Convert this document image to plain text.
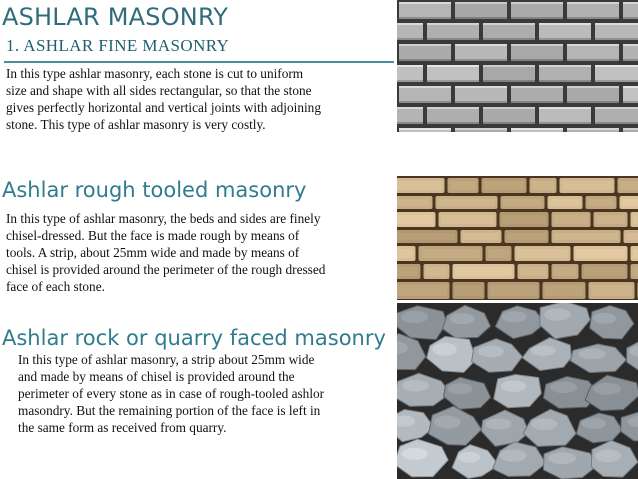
ASHLAR MASONRY
1. ASHLAR FINE MASONRY
In this type ashlar masonry, each stone is cut to uniform size and shape with all sides rectangular, so that the stone gives perfectly horizontal and vertical joints with adjoining stone. This type of ashlar masonry is very costly.
Ashlar rough tooled masonry
In this type of ashlar masonry, the beds and sides are finely chisel-dressed. But the face is made rough by means of tools. A strip, about 25mm wide and made by means of chisel is provided around the perimeter of the rough dressed face of each stone.
Ashlar rock or quarry faced masonry
In this type of ashlar masonry, a strip about 25mm wide and made by means of chisel is provided around the perimeter of every stone as in case of rough-tooled ashlor masondry. But the remaining portion of the face is left in the same form as received from quarry.
